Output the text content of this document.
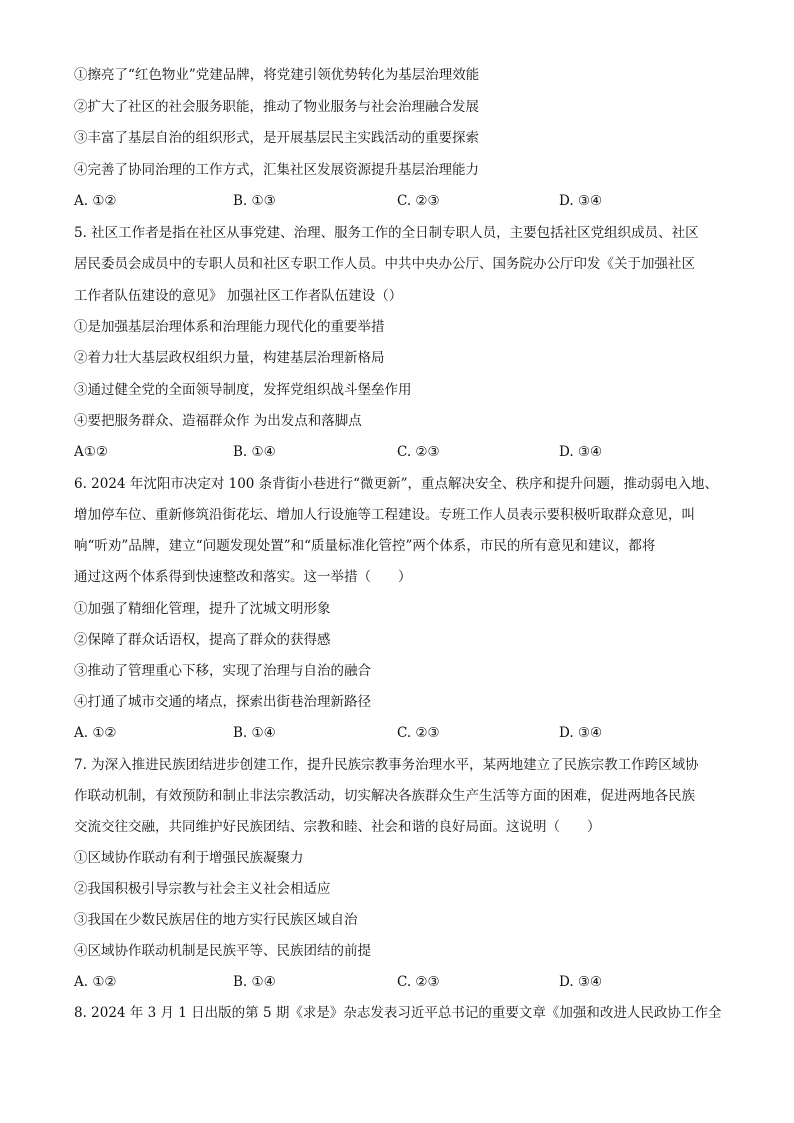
①擦亮了“红色物业”党建品牌，将党建引领优势转化为基层治理效能
②扩大了社区的社会服务职能，推动了物业服务与社会治理融合发展
③丰富了基层自治的组织形式，是开展基层民主实践活动的重要探索
④完善了协同治理的工作方式，汇集社区发展资源提升基层治理能力
A. ①②	B. ①③	C. ②③	D. ③④
5. 社区工作者是指在社区从事党建、治理、服务工作的全日制专职人员，主要包括社区党组织成员、社区
居民委员会成员中的专职人员和社区专职工作人员。中共中央办公厅、国务院办公厅印发《关于加强社区
工作者队伍建设的意见》 加强社区工作者队伍建设（）
①是加强基层治理体系和治理能力现代化的重要举措
②着力壮大基层政权组织力量，构建基层治理新格局
③通过健全党的全面领导制度，发挥党组织战斗堡垒作用
④要把服务群众、造福群众作 为出发点和落脚点
A①②	B. ①④	C. ②③	D. ③④
6. 2024 年沈阳市决定对 100 条背街小巷进行“微更新”，重点解决安全、秩序和提升问题，推动弱电入地、
增加停车位、重新修筑沿街花坛、增加人行设施等工程建设。专班工作人员表示要积极听取群众意见，叫
响“听劝”品牌，建立“问题发现处置”和“质量标准化管控”两个体系，市民的所有意见和建议，都将
通过这两个体系得到快速整改和落实。这一举措（　　）
①加强了精细化管理，提升了沈城文明形象
②保障了群众话语权，提高了群众的获得感
③推动了管理重心下移，实现了治理与自治的融合
④打通了城市交通的堵点，探索出街巷治理新路径
A. ①②	B. ①④	C. ②③	D. ③④
7. 为深入推进民族团结进步创建工作，提升民族宗教事务治理水平，某两地建立了民族宗教工作跨区域协
作联动机制，有效预防和制止非法宗教活动，切实解决各族群众生产生活等方面的困难，促进两地各民族
交流交往交融，共同维护好民族团结、宗教和睦、社会和谐的良好局面。这说明（　　）
①区域协作联动有利于增强民族凝聚力
②我国积极引导宗教与社会主义社会相适应
③我国在少数民族居住的地方实行民族区域自治
④区域协作联动机制是民族平等、民族团结的前提
A. ①②	B. ①④	C. ②③	D. ③④
8. 2024 年 3 月 1 日出版的第 5 期《求是》杂志发表习近平总书记的重要文章《加强和改进人民政协工作全
